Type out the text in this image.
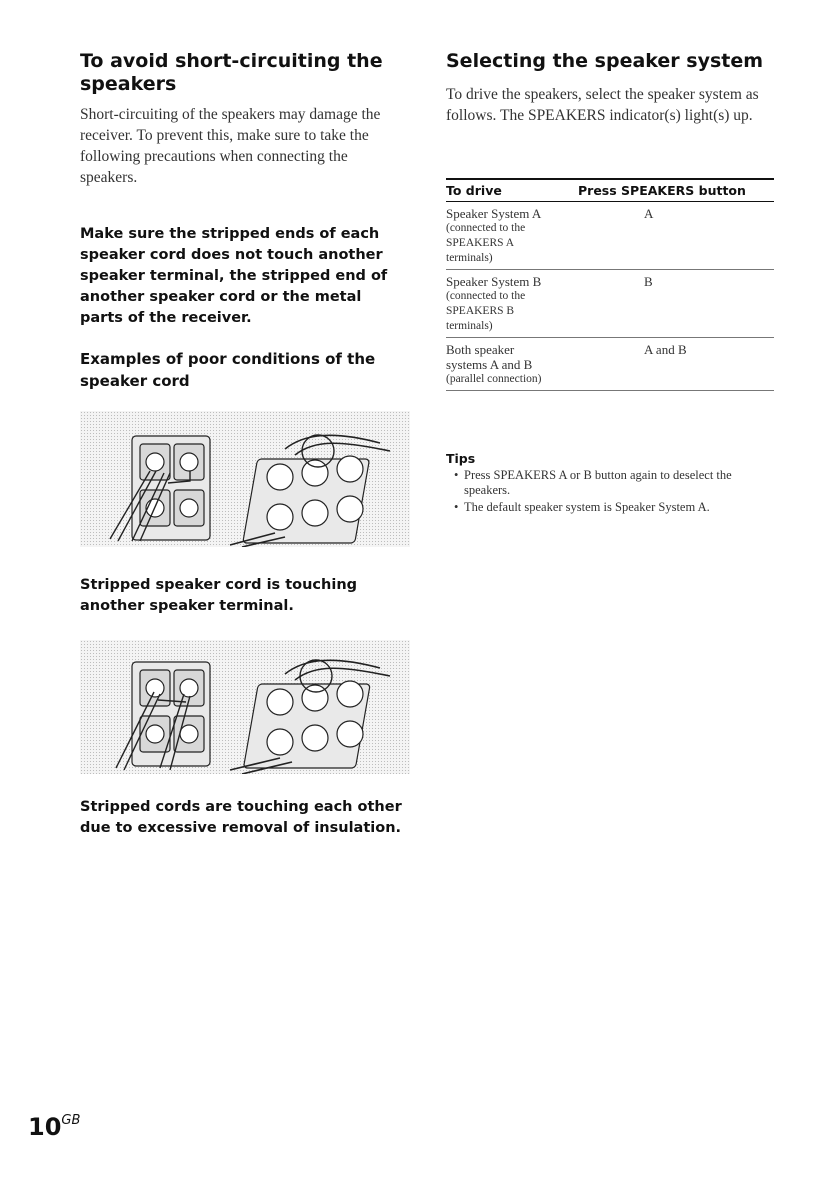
To avoid short-circuiting the speakers

Short-circuiting of the speakers may damage the receiver. To prevent this, make sure to take the following precautions when connecting the speakers.

Make sure the stripped ends of each speaker cord does not touch another speaker terminal, the stripped end of another speaker cord or the metal parts of the receiver.

Examples of poor conditions of the speaker cord

Stripped speaker cord is touching another speaker terminal.

Stripped cords are touching each other due to excessive removal of insulation.

Selecting the speaker system

To drive the speakers, select the speaker system as follows. The SPEAKERS indicator(s) light(s) up.

To drive	Press SPEAKERS button

Speaker System A
(connected to the SPEAKERS A terminals)	A

Speaker System B
(connected to the SPEAKERS B terminals)	B

Both speaker systems A and B
(parallel connection)	A and B

Tips

• Press SPEAKERS A or B button again to deselect the speakers.
• The default speaker system is Speaker System A.

$10^{GB}$
